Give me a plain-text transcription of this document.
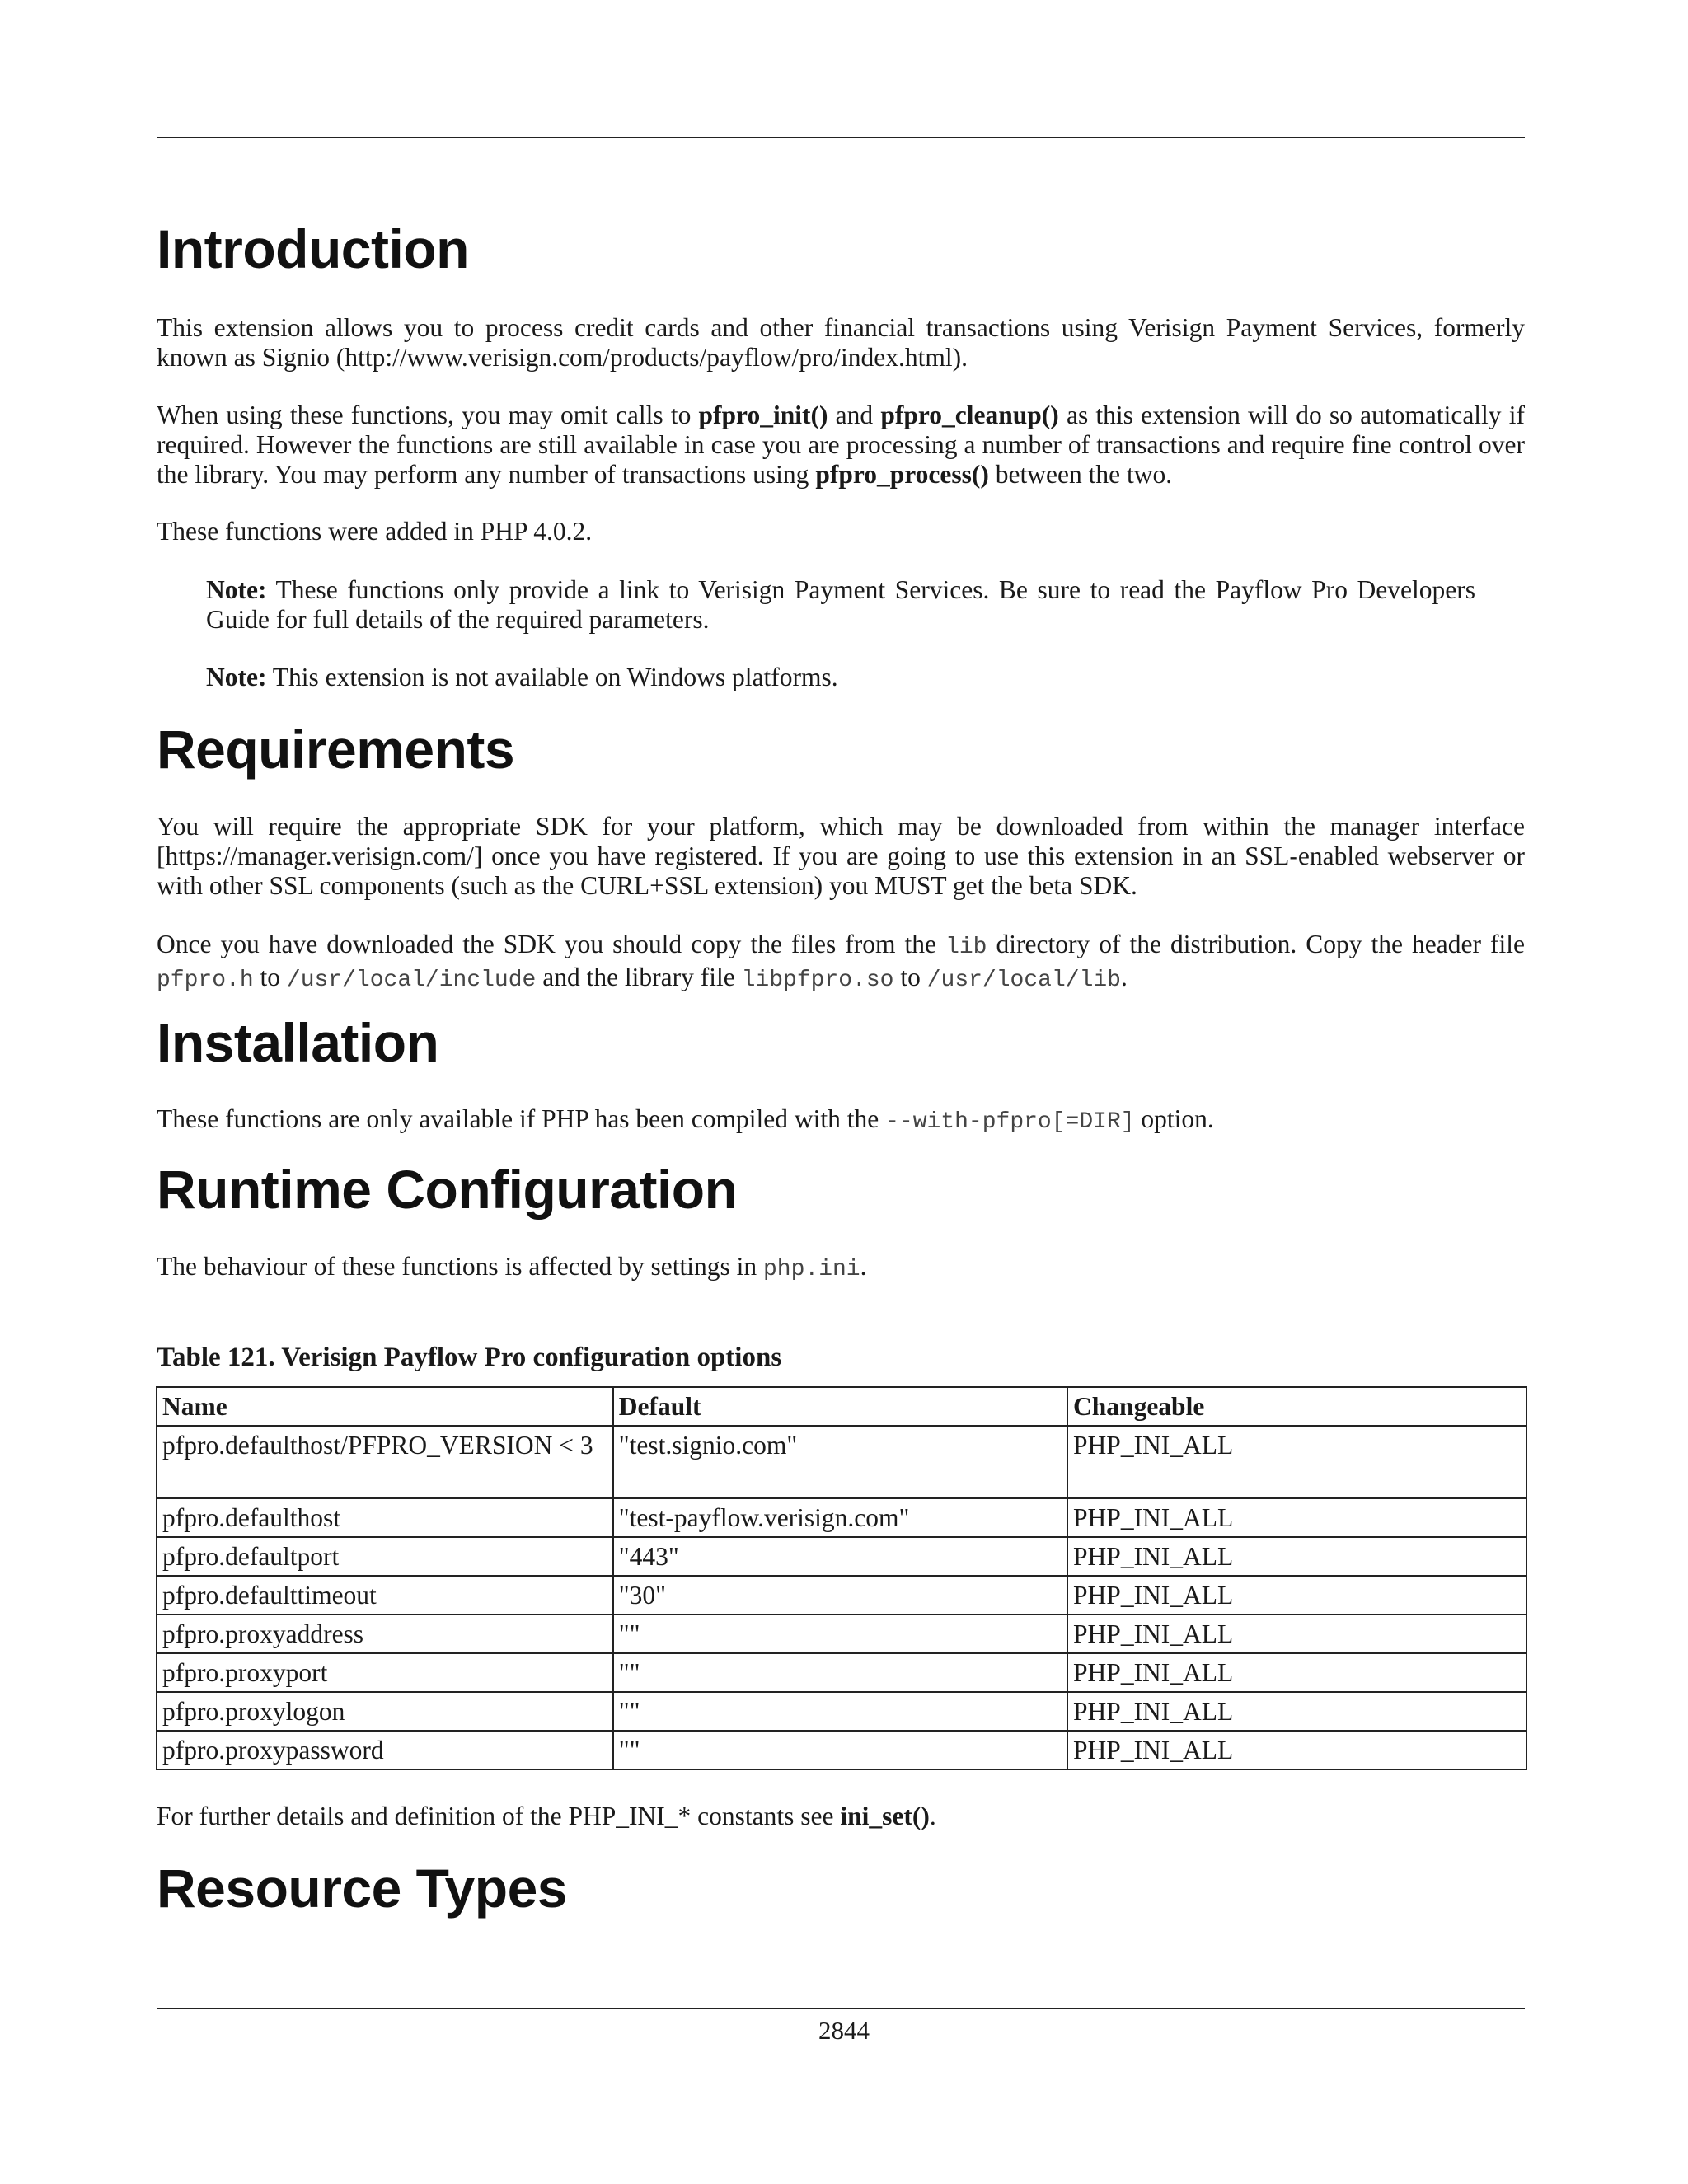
Introduction

This extension allows you to process credit cards and other financial transactions using Verisign Payment Services, formerly known as Signio (http://www.verisign.com/products/payflow/pro/index.html).

When using these functions, you may omit calls to pfpro_init() and pfpro_cleanup() as this extension will do so automatically if required. However the functions are still available in case you are processing a number of transactions and require fine control over the library. You may perform any number of transactions using pfpro_process() between the two.

These functions were added in PHP 4.0.2.

Note: These functions only provide a link to Verisign Payment Services. Be sure to read the Payflow Pro Developers Guide for full details of the required parameters.

Note: This extension is not available on Windows platforms.

Requirements

You will require the appropriate SDK for your platform, which may be downloaded from within the manager interface [https://manager.verisign.com/] once you have registered. If you are going to use this extension in an SSL-enabled webserver or with other SSL components (such as the CURL+SSL extension) you MUST get the beta SDK.

Once you have downloaded the SDK you should copy the files from the lib directory of the distribution. Copy the header file pfpro.h to /usr/local/include and the library file libpfpro.so to /usr/local/lib.

Installation

These functions are only available if PHP has been compiled with the --with-pfpro[=DIR] option.

Runtime Configuration

The behaviour of these functions is affected by settings in php.ini.

Table 121. Verisign Payflow Pro configuration options

Name	Default	Changeable
pfpro.defaulthost/PFPRO_VERSION < 3	"test.signio.com"	PHP_INI_ALL
pfpro.defaulthost	"test-payflow.verisign.com"	PHP_INI_ALL
pfpro.defaultport	"443"	PHP_INI_ALL
pfpro.defaulttimeout	"30"	PHP_INI_ALL
pfpro.proxyaddress	""	PHP_INI_ALL
pfpro.proxyport	""	PHP_INI_ALL
pfpro.proxylogon	""	PHP_INI_ALL
pfpro.proxypassword	""	PHP_INI_ALL

For further details and definition of the PHP_INI_* constants see ini_set().

Resource Types
2844
